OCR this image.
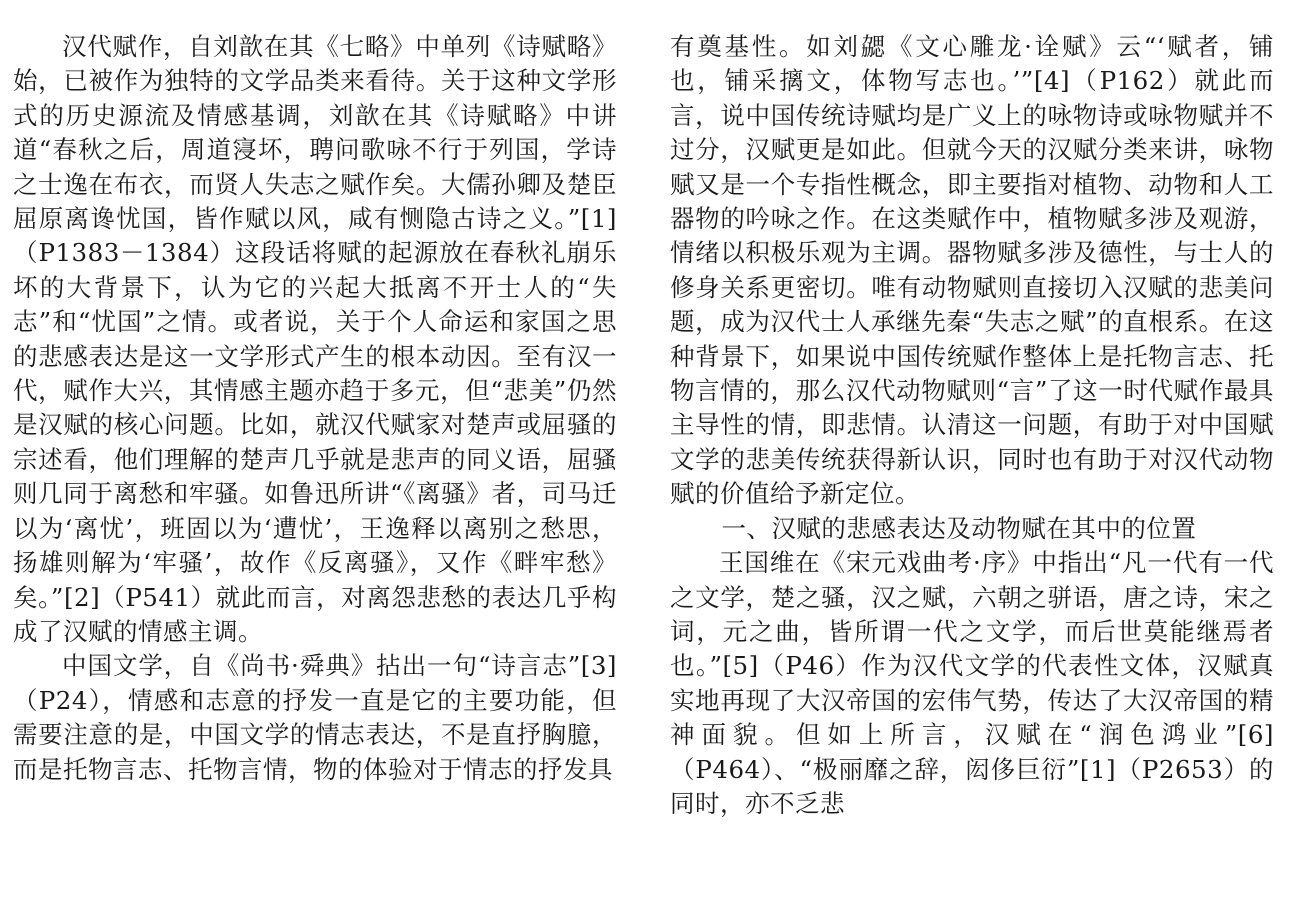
汉代赋作，自刘歆在其《七略》中单列《诗赋略》始，已被作为独特的文学品类来看待。关于这种文学形式的历史源流及情感基调，刘歆在其《诗赋略》中讲道“春秋之后，周道寖坏，聘问歌咏不行于列国，学诗之士逸在布衣，而贤人失志之赋作矣。大儒孙卿及楚臣屈原离谗忧国，皆作赋以风，咸有恻隐古诗之义。”[1]（P1383－1384）这段话将赋的起源放在春秋礼崩乐坏的大背景下，认为它的兴起大抵离不开士人的“失志”和“忧国”之情。或者说，关于个人命运和家国之思的悲感表达是这一文学形式产生的根本动因。至有汉一代，赋作大兴，其情感主题亦趋于多元，但“悲美”仍然是汉赋的核心问题。比如，就汉代赋家对楚声或屈骚的宗述看，他们理解的楚声几乎就是悲声的同义语，屈骚则几同于离愁和牢骚。如鲁迅所讲“《离骚》者，司马迁以为‘离忧’，班固以为‘遭忧’，王逸释以离别之愁思，扬雄则解为‘牢骚’，故作《反离骚》，又作《畔牢愁》矣。”[2]（P541）就此而言，对离怨悲愁的表达几乎构成了汉赋的情感主调。

中国文学，自《尚书·舜典》拈出一句“诗言志”[3]（P24），情感和志意的抒发一直是它的主要功能，但需要注意的是，中国文学的情志表达，不是直抒胸臆，而是托物言志、托物言情，物的体验对于情志的抒发具

有奠基性。如刘勰《文心雕龙·诠赋》云“‘赋者，铺也，铺采摛文，体物写志也。’”[4]（P162）就此而言，说中国传统诗赋均是广义上的咏物诗或咏物赋并不过分，汉赋更是如此。但就今天的汉赋分类来讲，咏物赋又是一个专指性概念，即主要指对植物、动物和人工器物的吟咏之作。在这类赋作中，植物赋多涉及观游，情绪以积极乐观为主调。器物赋多涉及德性，与士人的修身关系更密切。唯有动物赋则直接切入汉赋的悲美问题，成为汉代士人承继先秦“失志之赋”的直根系。在这种背景下，如果说中国传统赋作整体上是托物言志、托物言情的，那么汉代动物赋则“言”了这一时代赋作最具主导性的情，即悲情。认清这一问题，有助于对中国赋文学的悲美传统获得新认识，同时也有助于对汉代动物赋的价值给予新定位。

一、汉赋的悲感表达及动物赋在其中的位置

王国维在《宋元戏曲考·序》中指出“凡一代有一代之文学，楚之骚，汉之赋，六朝之骈语，唐之诗，宋之词，元之曲，皆所谓一代之文学，而后世莫能继焉者也。”[5]（P46）作为汉代文学的代表性文体，汉赋真实地再现了大汉帝国的宏伟气势，传达了大汉帝国的精神面貌。但如上所言，汉赋在“润色鸿业”[6]（P464）、“极丽靡之辞，闳侈巨衍”[1]（P2653）的同时，亦不乏悲
